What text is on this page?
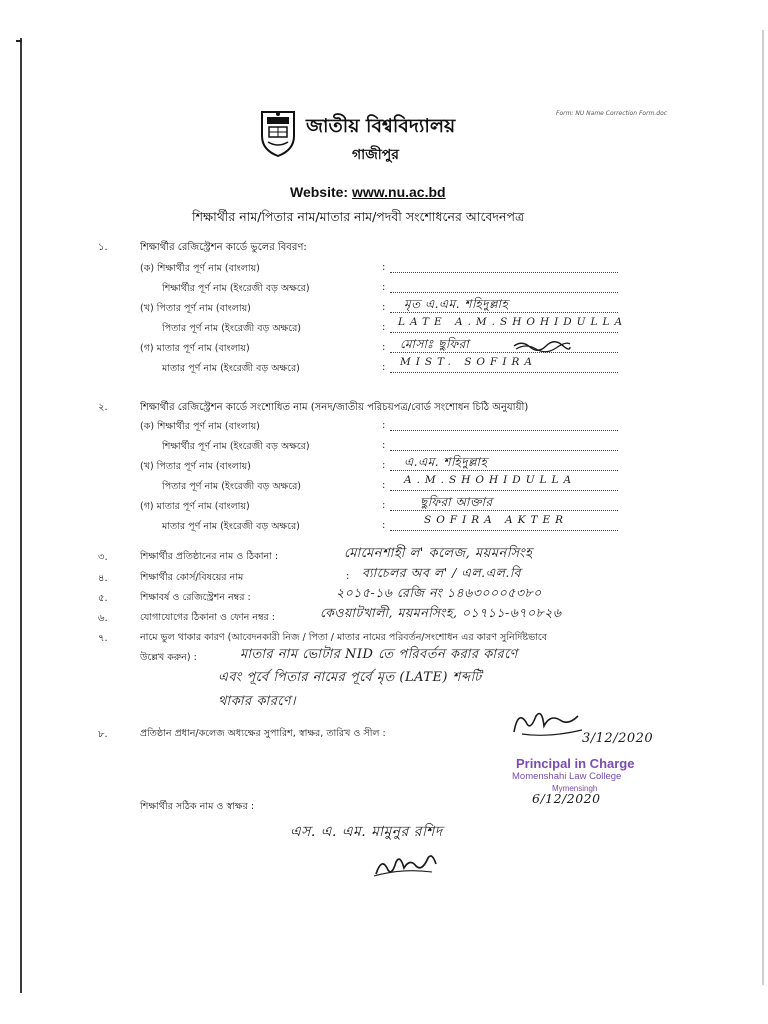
Form: NU Name Correction Form.doc
জাতীয় বিশ্ববিদ্যালয়
গাজীপুর
Website: www.nu.ac.bd
শিক্ষার্থীর নাম/পিতার নাম/মাতার নাম/পদবী সংশোধনের আবেদনপত্র
১.	শিক্ষার্থীর রেজিস্ট্রেশন কার্ডে ভুলের বিবরণ:
(ক) শিক্ষার্থীর পূর্ণ নাম (বাংলায়)	:
শিক্ষার্থীর পূর্ণ নাম (ইংরেজী বড় অক্ষরে)	:
(খ) পিতার পূর্ণ নাম (বাংলায়)	: মৃত এ.এম. শহিদুল্লাহ
পিতার পূর্ণ নাম (ইংরেজী বড় অক্ষরে)	: LATE A.M.SHOHIDULLA
(গ) মাতার পূর্ণ নাম (বাংলায়)	: মোসাঃ ছুফিরা
মাতার পূর্ণ নাম (ইংরেজী বড় অক্ষরে)	: MIST. SOFIRA
২.	শিক্ষার্থীর রেজিস্ট্রেশন কার্ডে সংশোধিত নাম (সনদ/জাতীয় পরিচয়পত্র/বোর্ড সংশোধন চিঠি অনুযায়ী)
(ক) শিক্ষার্থীর পূর্ণ নাম (বাংলায়)	:
শিক্ষার্থীর পূর্ণ নাম (ইংরেজী বড় অক্ষরে)	:
(খ) পিতার পূর্ণ নাম (বাংলায়)	: এ.এম. শহিদুল্লাহ
পিতার পূর্ণ নাম (ইংরেজী বড় অক্ষরে)	: A.M.SHOHIDULLA
(গ) মাতার পূর্ণ নাম (বাংলায়)	:	ছুফিরা আক্তার
মাতার পূর্ণ নাম (ইংরেজী বড় অক্ষরে)	:	SOFIRA AKTER
৩.	শিক্ষার্থীর প্রতিষ্ঠানের নাম ও ঠিকানা :	মোমেনশাহী ল' কলেজ, ময়মনসিংহ
৪.	শিক্ষার্থীর কোর্স/বিষয়ের নাম	: ব্যাচেলর অব ল' / এল.এল.বি
৫.	শিক্ষাবর্ষ ও রেজিস্ট্রেশন নম্বর :	২০১৫-১৬ রেজি নং ১৪৬৩০০০৫৩৮০
৬.	যোগাযোগের ঠিকানা ও ফোন নম্বর :	কেওয়াটখালী, ময়মনসিংহ, ০১৭১১-৬৭০৮২৬
৭.	নামে ভুল থাকার কারণ (আবেদনকারী নিজ / পিতা / মাতার নামের পরিবর্তন/সংশোধন এর কারণ সুনির্দিষ্টভাবে
উল্লেখ করুন) :	মাতার নাম ভোটার NID তে পরিবর্তন করার কারণে
এবং পূর্বে পিতার নামের পূর্বে মৃত (LATE) শব্দটি
থাকার কারণে।
৮.	প্রতিষ্ঠান প্রধান/কলেজ অধ্যক্ষের সুপারিশ, স্বাক্ষর, তারিখ ও সীল :	3/12/2020
Principal in Charge
Momenshahi Law College
Mymensingh
6/12/2020
শিক্ষার্থীর সঠিক নাম ও স্বাক্ষর :
এস. এ. এম. মামুনুর রশিদ
